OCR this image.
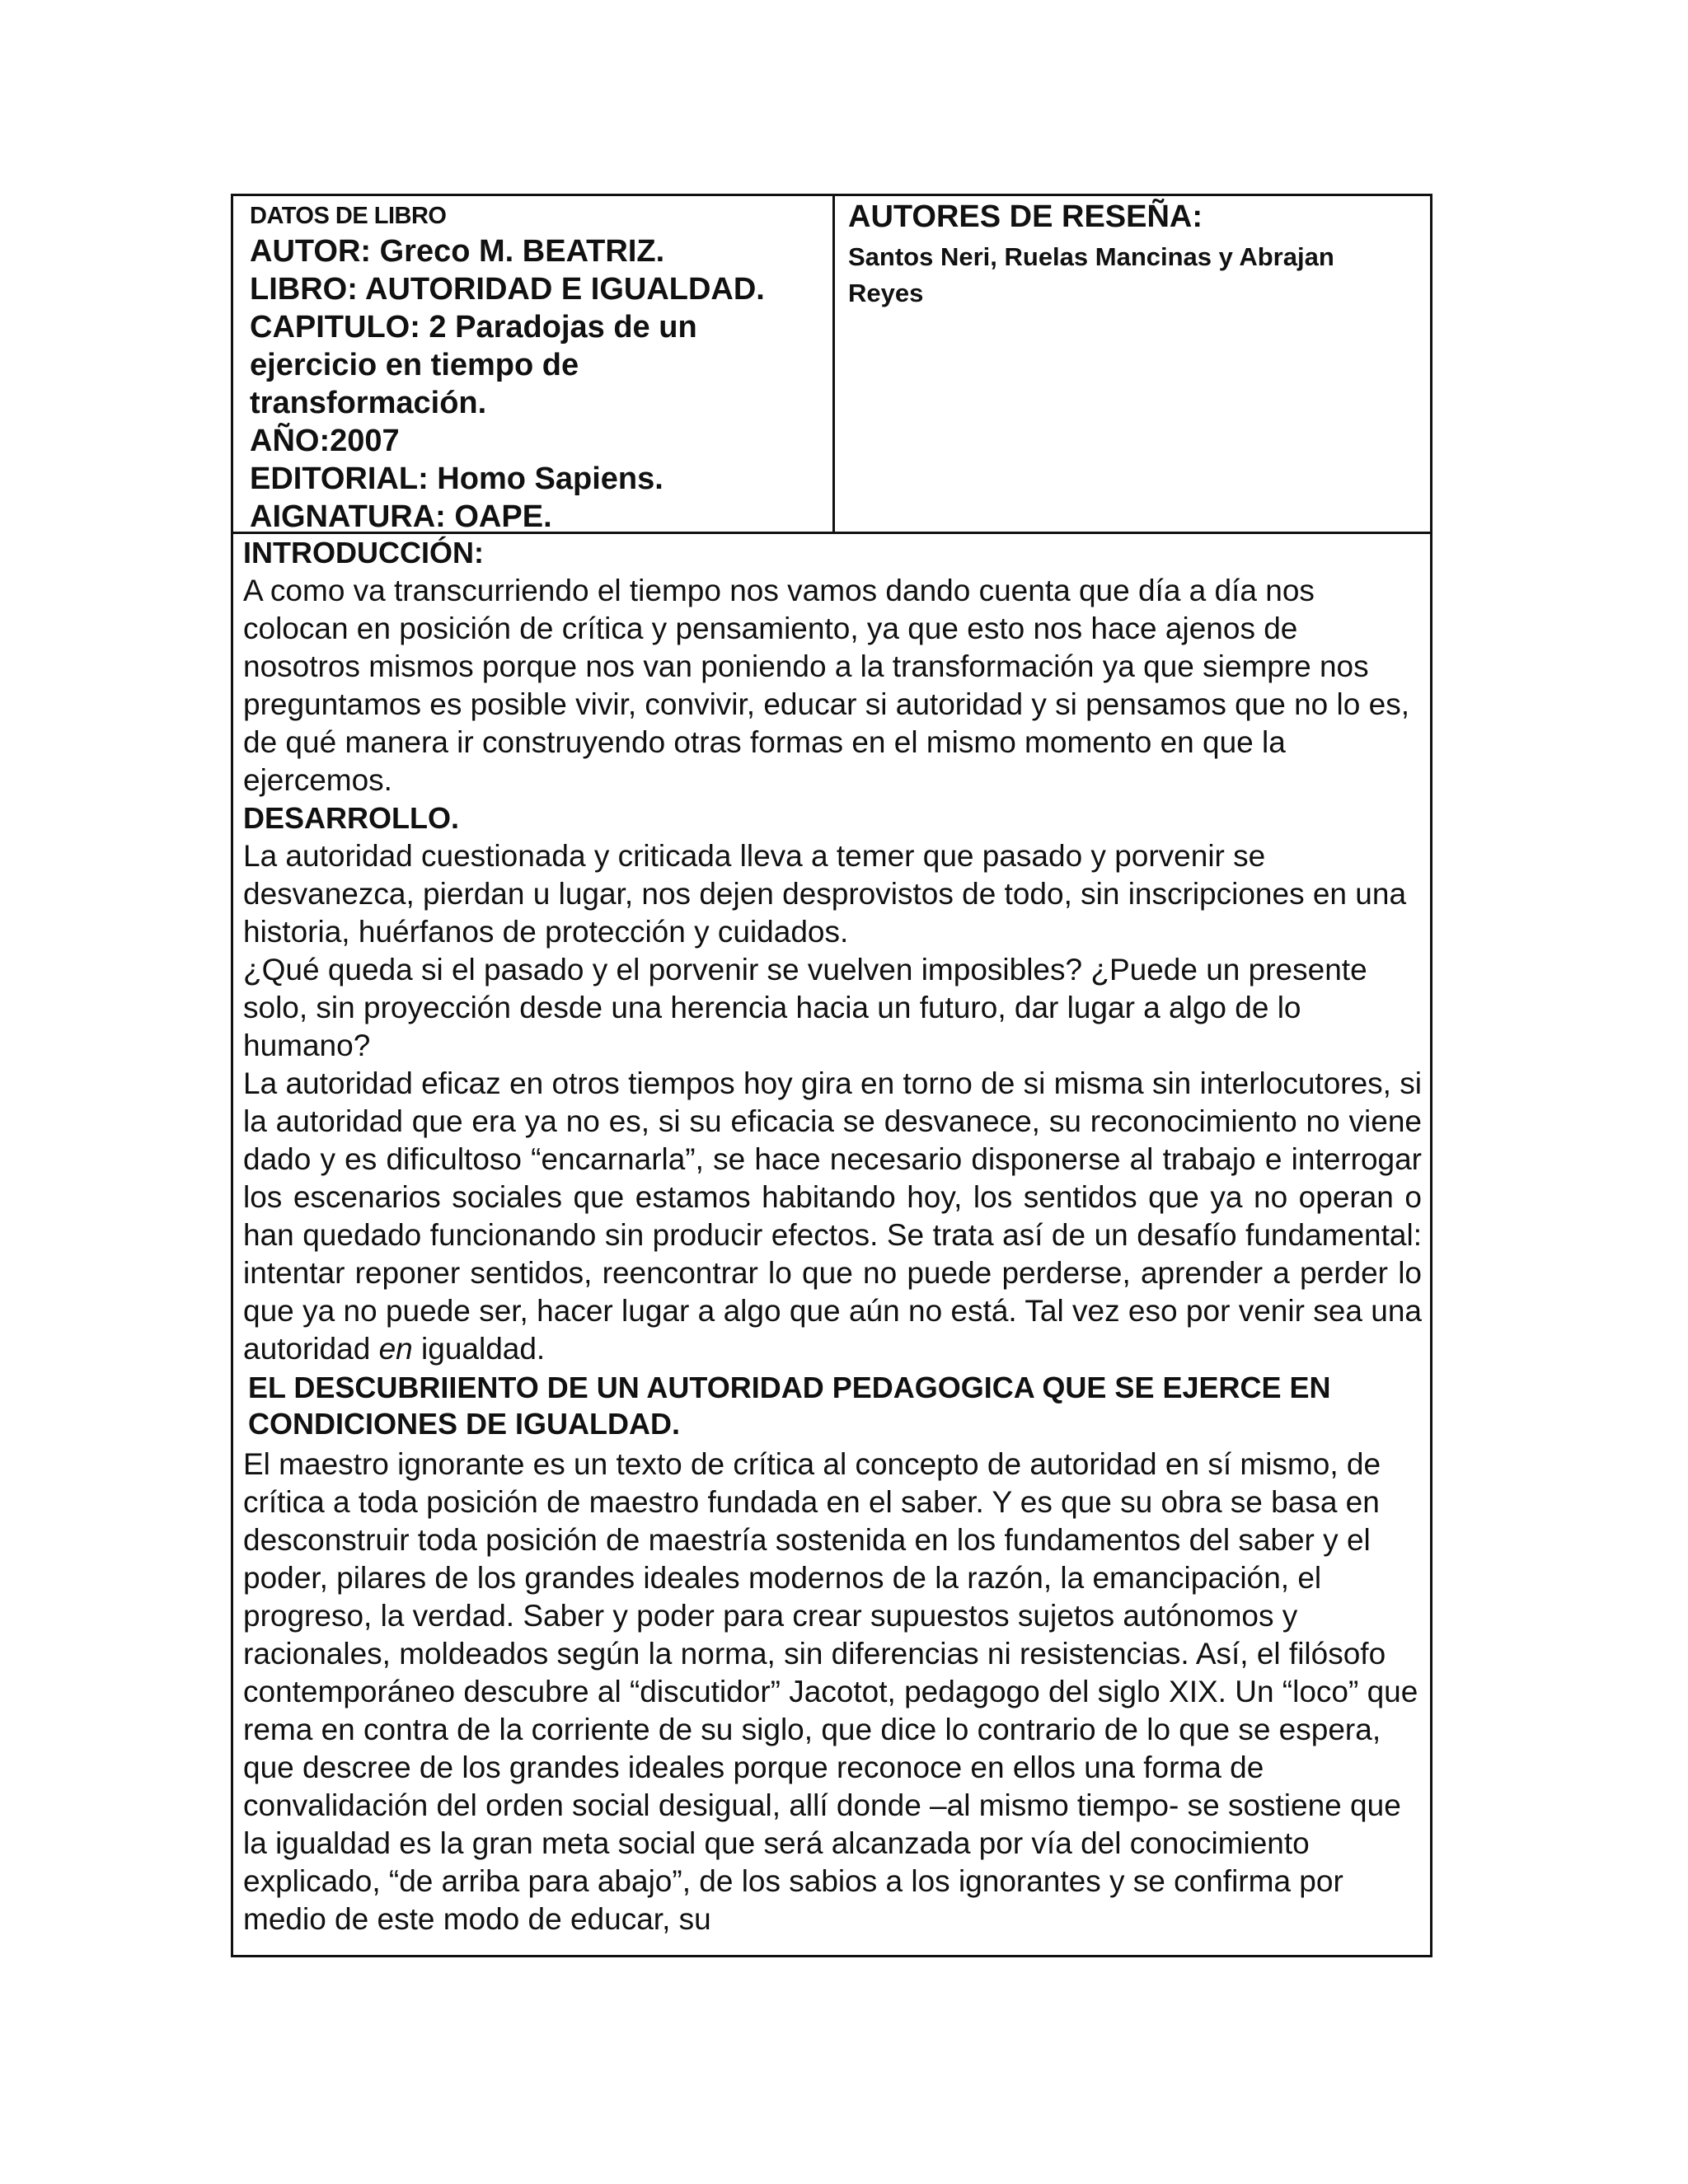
DATOS DE LIBRO

AUTOR: Greco M. BEATRIZ.

LIBRO: AUTORIDAD E IGUALDAD.

CAPITULO: 2 Paradojas de un

ejercicio en tiempo de

transformación.

AÑO:2007

EDITORIAL: Homo Sapiens.

AIGNATURA: OAPE.

AUTORES DE RESEÑA:
Santos Neri, Ruelas Mancinas y Abrajan Reyes

INTRODUCCIÓN:

A como va transcurriendo el tiempo nos vamos dando cuenta que día a día nos colocan en posición de crítica y pensamiento, ya que esto nos hace ajenos de nosotros mismos porque nos van poniendo a la transformación ya que siempre nos preguntamos es posible vivir, convivir, educar si autoridad y si pensamos que no lo es, de qué manera ir construyendo otras formas en el mismo momento en que la ejercemos.

DESARROLLO.

La autoridad cuestionada y criticada lleva a temer que pasado y porvenir se desvanezca, pierdan u lugar, nos dejen desprovistos de todo, sin inscripciones en una historia, huérfanos de protección y cuidados.

¿Qué queda si el pasado y el porvenir se vuelven imposibles? ¿Puede un presente solo, sin proyección desde una herencia hacia un futuro, dar lugar a algo de lo humano?

La autoridad eficaz en otros tiempos hoy gira en torno de si misma sin interlocutores, si la autoridad que era ya no es, si su eficacia se desvanece, su reconocimiento no viene dado y es dificultoso “encarnarla”, se hace necesario disponerse al trabajo e interrogar los escenarios sociales que estamos habitando hoy, los sentidos que ya no operan o han quedado funcionando sin producir efectos. Se trata así de un desafío fundamental: intentar reponer sentidos, reencontrar lo que no puede perderse, aprender a perder lo que ya no puede ser, hacer lugar a algo que aún no está. Tal vez eso por venir sea una autoridad en igualdad.

EL DESCUBRIIENTO DE UN AUTORIDAD PEDAGOGICA QUE SE EJERCE EN CONDICIONES DE IGUALDAD.

El maestro ignorante es un texto de crítica al concepto de autoridad en sí mismo, de crítica a toda posición de maestro fundada en el saber. Y es que su obra se basa en desconstruir toda posición de maestría sostenida en los fundamentos del saber y el poder, pilares de los grandes ideales modernos de la razón, la emancipación, el progreso, la verdad. Saber y poder para crear supuestos sujetos autónomos y racionales, moldeados según la norma, sin diferencias ni resistencias. Así, el filósofo contemporáneo descubre al “discutidor” Jacotot, pedagogo del siglo XIX. Un “loco” que rema en contra de la corriente de su siglo, que dice lo contrario de lo que se espera, que descree de los grandes ideales porque reconoce en ellos una forma de convalidación del orden social desigual, allí donde –al mismo tiempo- se sostiene que la igualdad es la gran meta social que será alcanzada por vía del conocimiento explicado, “de arriba para abajo”, de los sabios a los ignorantes y se confirma por medio de este modo de educar, su
